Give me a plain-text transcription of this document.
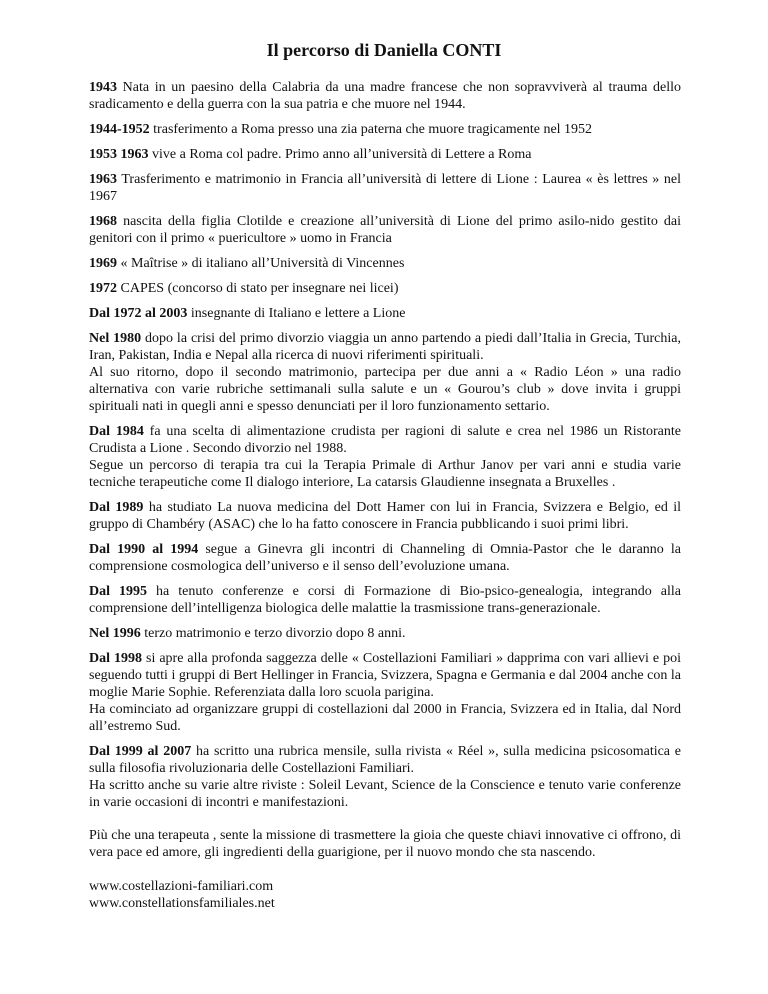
Il percorso di Daniella CONTI

1943 Nata in un paesino della Calabria da una madre francese che non sopravviverà al trauma dello sradicamento e della guerra con la sua patria e che muore nel 1944.

1944-1952 trasferimento a Roma presso una zia paterna che muore tragicamente nel 1952

1953 1963 vive a Roma col padre. Primo anno all’università di Lettere a Roma

1963 Trasferimento e matrimonio in Francia all’università di lettere di Lione : Laurea « ès lettres » nel 1967

1968 nascita della figlia Clotilde e creazione all’università di Lione del primo asilo-nido gestito dai genitori con il primo « puericultore » uomo in Francia

1969 « Maîtrise » di italiano all’Università di Vincennes

1972 CAPES (concorso di stato per insegnare nei licei)

Dal 1972 al 2003 insegnante di Italiano e lettere a Lione

Nel 1980 dopo la crisi del primo divorzio viaggia un anno partendo a piedi dall’Italia in Grecia, Turchia, Iran, Pakistan, India e Nepal alla ricerca di nuovi riferimenti spirituali.

Al suo ritorno, dopo il secondo matrimonio, partecipa per due anni a « Radio Léon » una radio alternativa con varie rubriche settimanali sulla salute e un « Gourou’s club » dove invita i gruppi spirituali nati in quegli anni e spesso denunciati per il loro funzionamento settario.

Dal 1984 fa una scelta di alimentazione crudista per ragioni di salute e crea nel 1986 un Ristorante Crudista a Lione . Secondo divorzio nel 1988.

Segue un percorso di terapia tra cui la Terapia Primale di Arthur Janov per vari anni e studia varie tecniche terapeutiche come Il dialogo interiore, La catarsis Glaudienne insegnata a Bruxelles .

Dal 1989 ha studiato La nuova medicina del Dott Hamer con lui in Francia, Svizzera e Belgio, ed il gruppo di Chambéry (ASAC) che lo ha fatto conoscere in Francia pubblicando i suoi primi libri.

Dal 1990 al 1994 segue a Ginevra gli incontri di Channeling di Omnia-Pastor che le daranno la comprensione cosmologica dell’universo e il senso dell’evoluzione umana.

Dal 1995 ha tenuto conferenze e corsi di Formazione di Bio-psico-genealogia, integrando alla comprensione dell’intelligenza biologica delle malattie la trasmissione trans-generazionale.

Nel 1996 terzo matrimonio e terzo divorzio dopo 8 anni.

Dal 1998 si apre alla profonda saggezza delle « Costellazioni Familiari » dapprima con vari allievi e poi seguendo tutti i gruppi di Bert Hellinger in Francia, Svizzera, Spagna e Germania e dal 2004 anche con la moglie Marie Sophie. Referenziata dalla loro scuola parigina.

Ha cominciato ad organizzare gruppi di costellazioni dal 2000 in Francia, Svizzera ed in Italia, dal Nord all’estremo Sud.

Dal 1999 al 2007 ha scritto una rubrica mensile, sulla rivista « Réel », sulla medicina psicosomatica e sulla filosofia rivoluzionaria delle Costellazioni Familiari.

Ha scritto anche su varie altre riviste : Soleil Levant, Science de la Conscience e tenuto varie conferenze in varie occasioni di incontri e manifestazioni.

Più che una terapeuta , sente la missione di trasmettere la gioia che queste chiavi innovative ci offrono, di vera pace ed amore, gli ingredienti della guarigione, per il nuovo mondo che sta nascendo.
www.costellazioni-familiari.com
www.constellationsfamiliales.net
